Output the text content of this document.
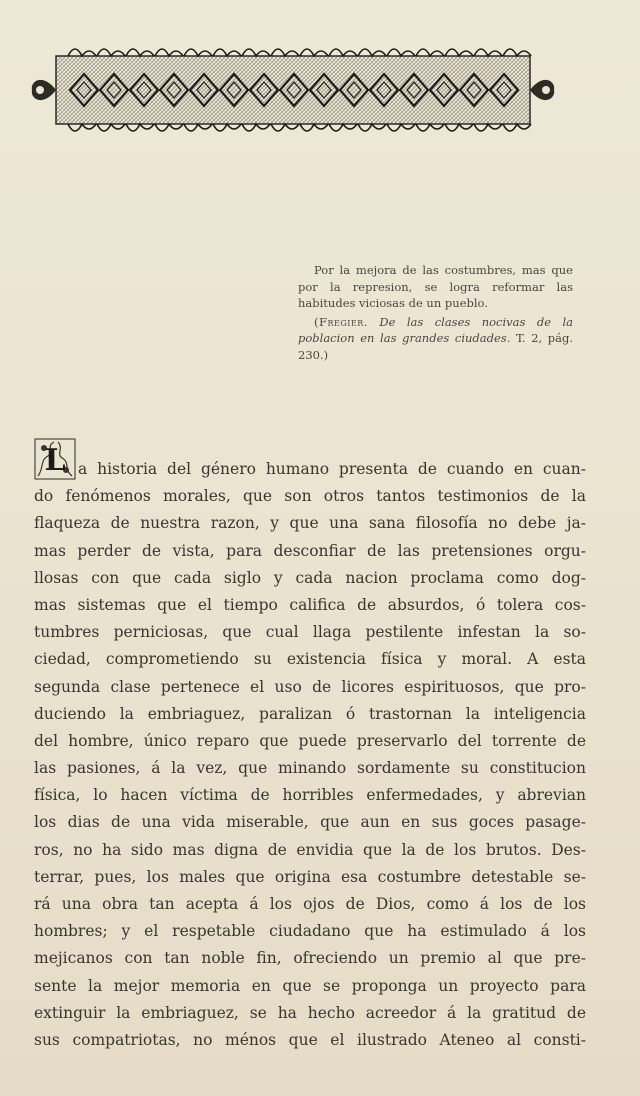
Por la mejora de las costumbres, mas que por la represion, se logra reformar las habitudes viciosas de un pueblo.

(Fregier. De las clases nocivas de la poblacion en las grandes ciudades. T. 2, pág. 230.)

L a historia del género humano presenta de cuando en cuan-
do fenómenos morales, que son otros tantos testimonios de la
flaqueza de nuestra razon, y que una sana filosofía no debe ja-
mas perder de vista, para desconfiar de las pretensiones orgu-
llosas con que cada siglo y cada nacion proclama como dog-
mas sistemas que el tiempo califica de absurdos, ó tolera cos-
tumbres perniciosas, que cual llaga pestilente infestan la so-
ciedad, comprometiendo su existencia física y moral. A esta
segunda clase pertenece el uso de licores espirituosos, que pro-
duciendo la embriaguez, paralizan ó trastornan la inteligencia
del hombre, único reparo que puede preservarlo del torrente de
las pasiones, á la vez, que minando sordamente su constitucion
física, lo hacen víctima de horribles enfermedades, y abrevian
los dias de una vida miserable, que aun en sus goces pasage-
ros, no ha sido mas digna de envidia que la de los brutos. Des-
terrar, pues, los males que origina esa costumbre detestable se-
rá una obra tan acepta á los ojos de Dios, como á los de los
hombres; y el respetable ciudadano que ha estimulado á los
mejicanos con tan noble fin, ofreciendo un premio al que pre-
sente la mejor memoria en que se proponga un proyecto para
extinguir la embriaguez, se ha hecho acreedor á la gratitud de
sus compatriotas, no ménos que el ilustrado Ateneo al consti-
